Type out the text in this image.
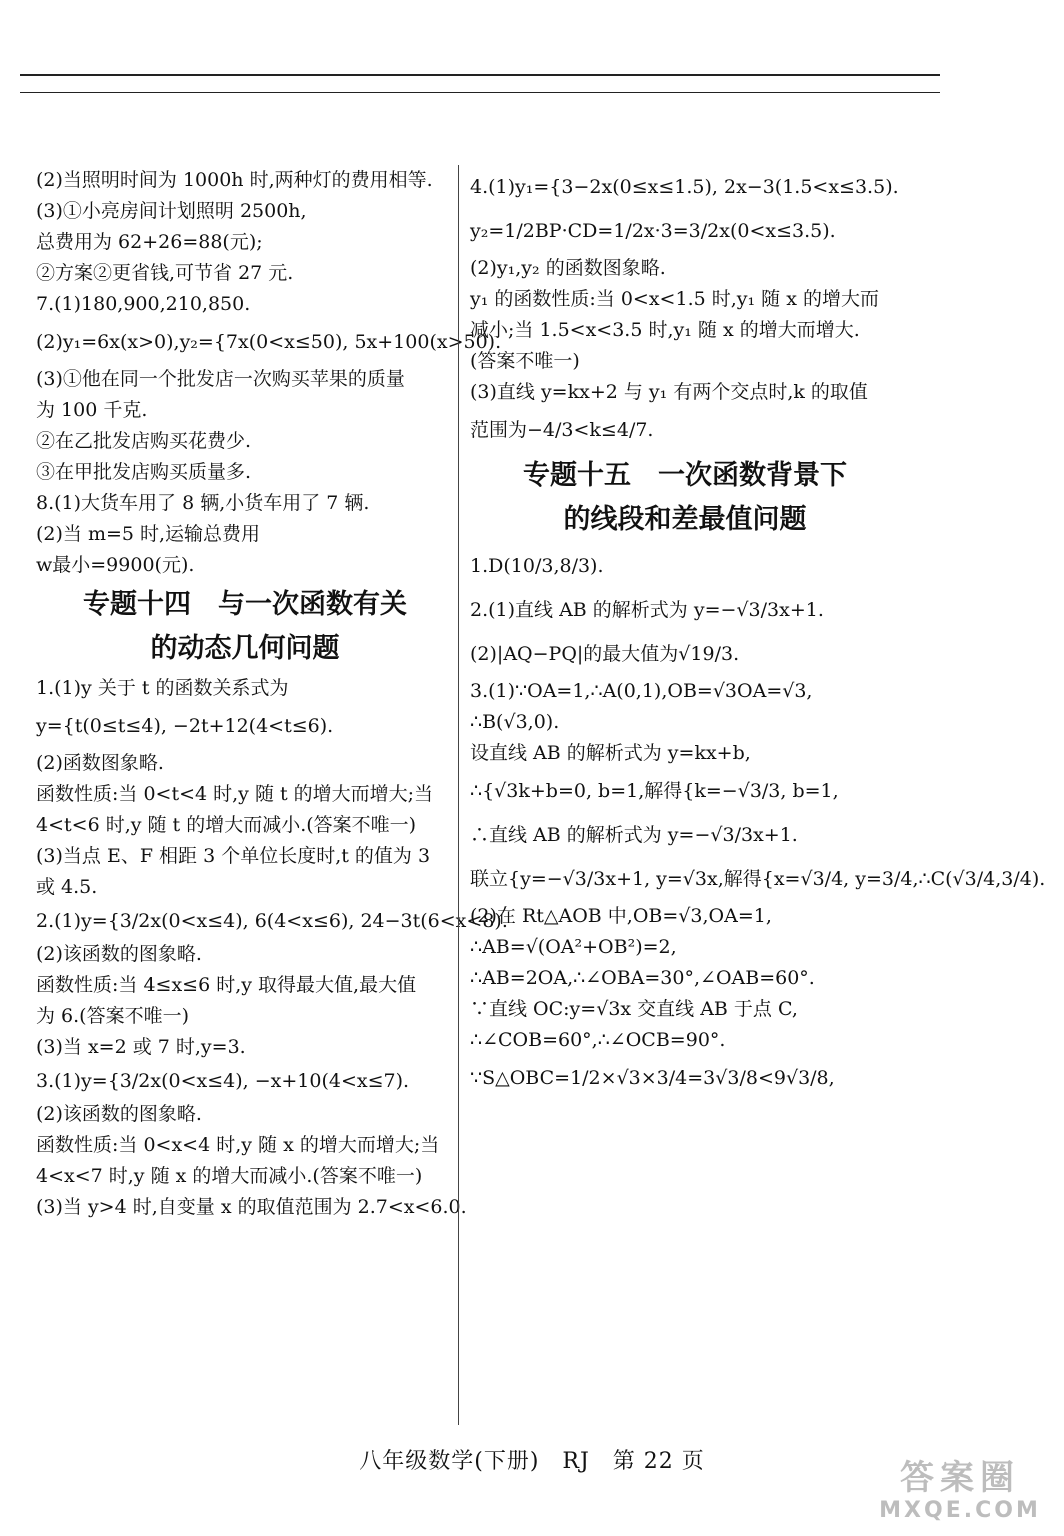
(2)当照明时间为 1000h 时,两种灯的费用相等.
(3)①小亮房间计划照明 2500h,
总费用为 62+26=88(元);
②方案②更省钱,可节省 27 元.
7.(1)180,900,210,850.
(2)y₁=6x(x>0),y₂={7x(0<x≤50), 5x+100(x>50).
(3)①他在同一个批发店一次购买苹果的质量
为 100 千克.
②在乙批发店购买花费少.
③在甲批发店购买质量多.
8.(1)大货车用了 8 辆,小货车用了 7 辆.
(2)当 m=5 时,运输总费用
w最小=9900(元).
专题十四　与一次函数有关
的动态几何问题
1.(1)y 关于 t 的函数关系式为
y={t(0≤t≤4), −2t+12(4<t≤6).
(2)函数图象略.
函数性质:当 0<t<4 时,y 随 t 的增大而增大;当
4<t<6 时,y 随 t 的增大而减小.(答案不唯一)
(3)当点 E、F 相距 3 个单位长度时,t 的值为 3
或 4.5.
2.(1)y={3/2x(0<x≤4), 6(4<x≤6), 24−3t(6<x<8).
(2)该函数的图象略.
函数性质:当 4≤x≤6 时,y 取得最大值,最大值
为 6.(答案不唯一)
(3)当 x=2 或 7 时,y=3.
3.(1)y={3/2x(0<x≤4), −x+10(4<x≤7).
(2)该函数的图象略.
函数性质:当 0<x<4 时,y 随 x 的增大而增大;当
4<x<7 时,y 随 x 的增大而减小.(答案不唯一)
(3)当 y>4 时,自变量 x 的取值范围为 2.7<x<6.0.
4.(1)y₁={3−2x(0≤x≤1.5), 2x−3(1.5<x≤3.5).
y₂=1/2BP·CD=1/2x·3=3/2x(0<x≤3.5).
(2)y₁,y₂ 的函数图象略.
y₁ 的函数性质:当 0<x<1.5 时,y₁ 随 x 的增大而
减小;当 1.5<x<3.5 时,y₁ 随 x 的增大而增大.
(答案不唯一)
(3)直线 y=kx+2 与 y₁ 有两个交点时,k 的取值
范围为−4/3<k≤4/7.
专题十五　一次函数背景下
的线段和差最值问题
1.D(10/3,8/3).
2.(1)直线 AB 的解析式为 y=−√3/3x+1.
(2)|AQ−PQ|的最大值为√19/3.
3.(1)∵OA=1,∴A(0,1),OB=√3OA=√3,
∴B(√3,0).
设直线 AB 的解析式为 y=kx+b,
∴{√3k+b=0, b=1,解得{k=−√3/3, b=1,
∴直线 AB 的解析式为 y=−√3/3x+1.
联立{y=−√3/3x+1, y=√3x,解得{x=√3/4, y=3/4,∴C(√3/4,3/4).
(2)在 Rt△AOB 中,OB=√3,OA=1,
∴AB=√(OA²+OB²)=2,
∴AB=2OA,∴∠OBA=30°,∠OAB=60°.
∵直线 OC:y=√3x 交直线 AB 于点 C,
∴∠COB=60°,∴∠OCB=90°.
∵S△OBC=1/2×√3×3/4=3√3/8<9√3/8,
八年级数学(下册)　RJ　第 22 页	答案圈
MXQE.COM
